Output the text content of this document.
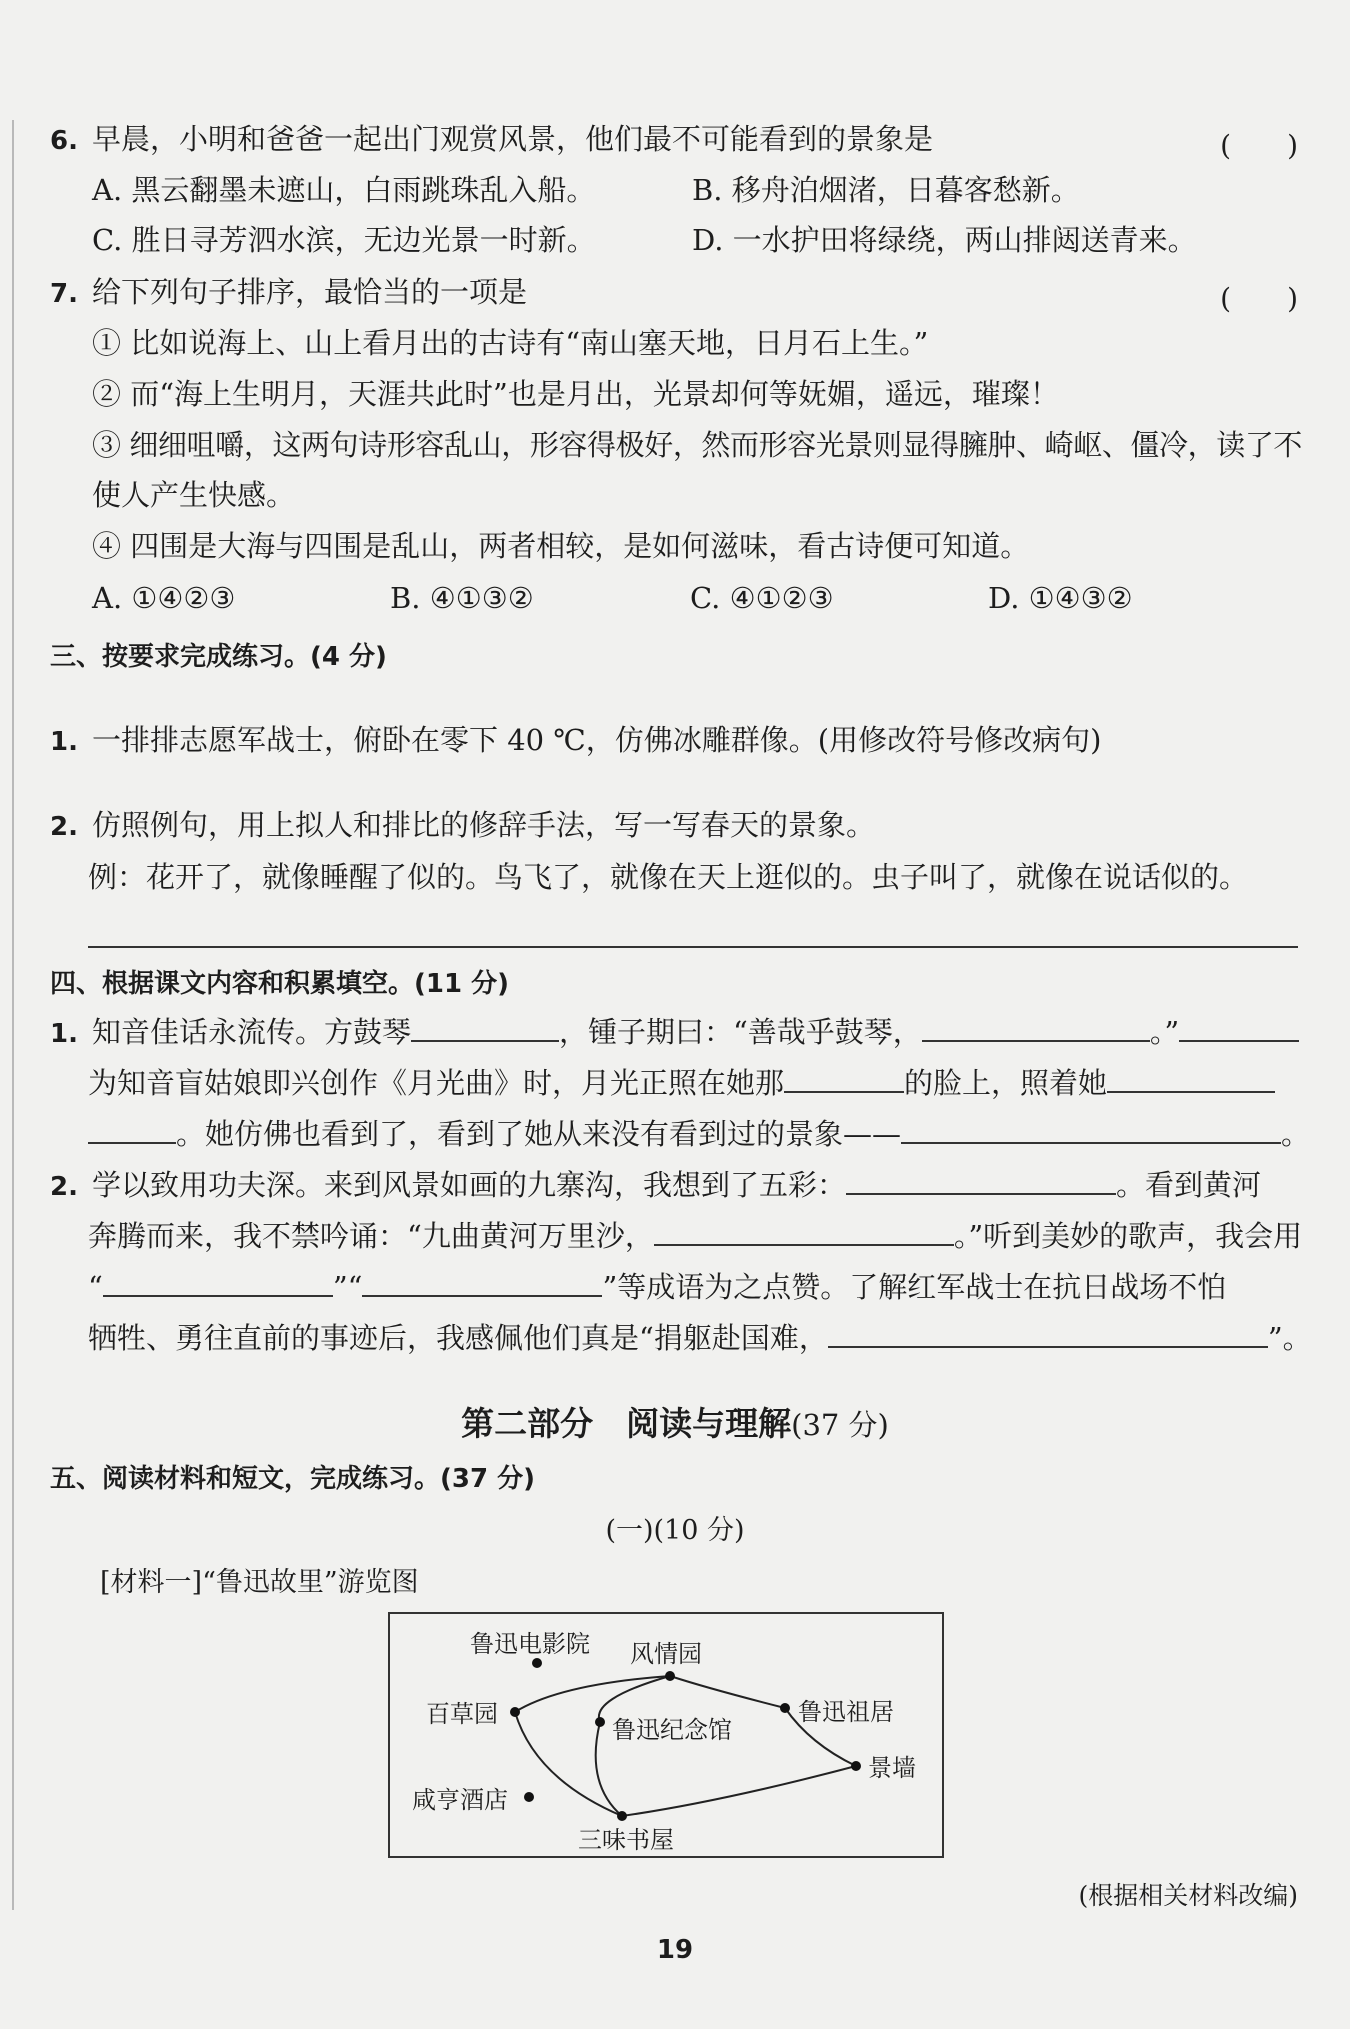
6. 早晨，小明和爸爸一起出门观赏风景，他们最不可能看到的景象是	(　　)
A. 黑云翻墨未遮山，白雨跳珠乱入船。	B. 移舟泊烟渚，日暮客愁新。
C. 胜日寻芳泗水滨，无边光景一时新。	D. 一水护田将绿绕，两山排闼送青来。
7. 给下列句子排序，最恰当的一项是	(　　)
① 比如说海上、山上看月出的古诗有“南山塞天地，日月石上生。”
② 而“海上生明月，天涯共此时”也是月出，光景却何等妩媚，遥远，璀璨！
③ 细细咀嚼，这两句诗形容乱山，形容得极好，然而形容光景则显得臃肿、崎岖、僵冷，读了不
使人产生快感。
④ 四围是大海与四围是乱山，两者相较，是如何滋味，看古诗便可知道。
A. ①④②③	B. ④①③②	C. ④①②③	D. ①④③②
三、按要求完成练习。(4 分)
1. 一排排志愿军战士，俯卧在零下 40 ℃，仿佛冰雕群像。(用修改符号修改病句)
2. 仿照例句，用上拟人和排比的修辞手法，写一写春天的景象。
例：花开了，就像睡醒了似的。鸟飞了，就像在天上逛似的。虫子叫了，就像在说话似的。
四、根据课文内容和积累填空。(11 分)
1. 知音佳话永流传。方鼓琴	，锺子期曰：“善哉乎鼓琴，	。”
为知音盲姑娘即兴创作《月光曲》时，月光正照在她那	的脸上，照着她
。她仿佛也看到了，看到了她从来没有看到过的景象——	。
2. 学以致用功夫深。来到风景如画的九寨沟，我想到了五彩：	。看到黄河
奔腾而来，我不禁吟诵：“九曲黄河万里沙，	。”听到美妙的歌声，我会用
“	”“	”等成语为之点赞。了解红军战士在抗日战场不怕
牺牲、勇往直前的事迹后，我感佩他们真是“捐躯赴国难，	”。
第二部分　阅读与理解(37 分)
五、阅读材料和短文，完成练习。(37 分)
(一)(10 分)
[材料一]“鲁迅故里”游览图
鲁迅电影院 风情园
百草园
鲁迅纪念馆
鲁迅祖居
景墙
咸亨酒店
三味书屋
(根据相关材料改编)
19
